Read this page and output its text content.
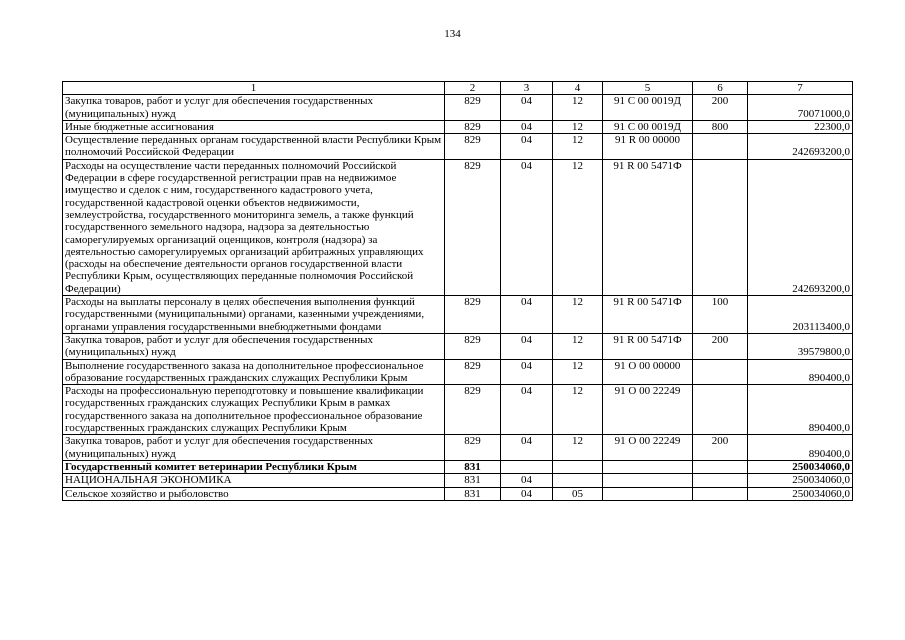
134
1	2	3	4	5	6	7
Закупка товаров, работ и услуг для обеспечения государственных (муниципальных) нужд	829	04	12	91 С 00 0019Д	200	70071000,0
Иные бюджетные ассигнования	829	04	12	91 С 00 0019Д	800	22300,0
Осуществление переданных органам государственной власти Республики Крым полномочий Российской Федерации	829	04	12	91 R 00 00000		242693200,0
Расходы на осуществление части переданных полномочий Российской Федерации в сфере государственной регистрации прав на недвижимое имущество и сделок с ним, государственного кадастрового учета, государственной кадастровой оценки объектов недвижимости, землеустройства, государственного мониторинга земель, а также функций государственного земельного надзора, надзора за деятельностью саморегулируемых организаций оценщиков, контроля (надзора) за деятельностью саморегулируемых организаций арбитражных управляющих (расходы на обеспечение деятельности органов государственной власти Республики Крым, осуществляющих переданные полномочия Российской Федерации)	829	04	12	91 R 00 5471Ф		242693200,0
Расходы на выплаты персоналу в целях обеспечения выполнения функций государственными (муниципальными) органами, казенными учреждениями, органами управления государственными внебюджетными фондами	829	04	12	91 R 00 5471Ф	100	203113400,0
Закупка товаров, работ и услуг для обеспечения государственных (муниципальных) нужд	829	04	12	91 R 00 5471Ф	200	39579800,0
Выполнение государственного заказа на дополнительное профессиональное образование государственных гражданских служащих Республики Крым	829	04	12	91 О 00 00000		890400,0
Расходы на профессиональную переподготовку и повышение квалификации государственных гражданских служащих Республики Крым в рамках государственного заказа на дополнительное профессиональное образование государственных гражданских служащих Республики Крым	829	04	12	91 О 00 22249		890400,0
Закупка товаров, работ и услуг для обеспечения государственных (муниципальных) нужд	829	04	12	91 О 00 22249	200	890400,0
Государственный комитет ветеринарии Республики Крым	831					250034060,0
НАЦИОНАЛЬНАЯ ЭКОНОМИКА	831	04				250034060,0
Сельское хозяйство и рыболовство	831	04	05			250034060,0
